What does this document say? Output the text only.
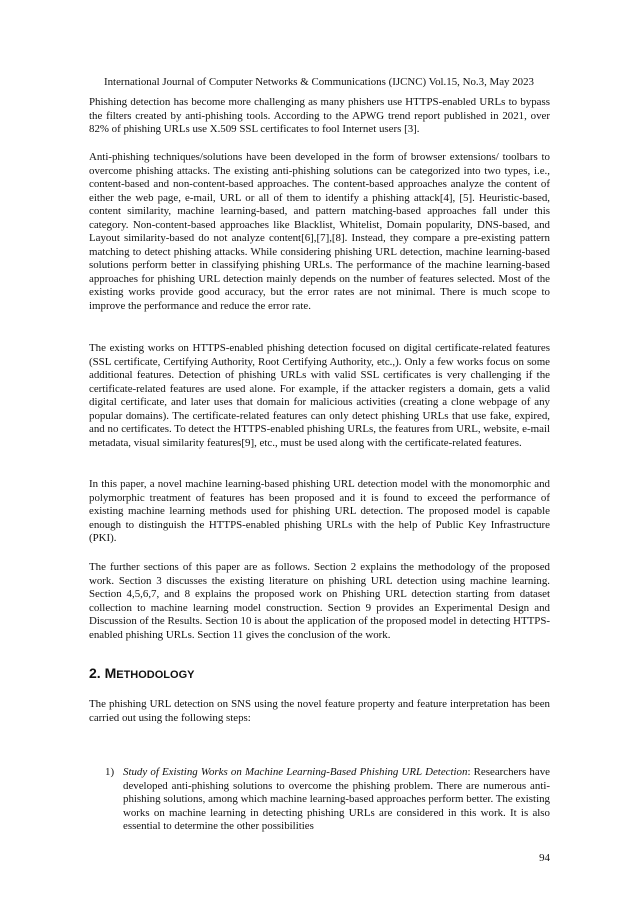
International Journal of Computer Networks & Communications (IJCNC) Vol.15, No.3, May 2023

Phishing detection has become more challenging as many phishers use HTTPS-enabled URLs to bypass the filters created by anti-phishing tools. According to the APWG trend report published in 2021, over 82% of phishing URLs use X.509 SSL certificates to fool Internet users [3].

Anti-phishing techniques/solutions have been developed in the form of browser extensions/ toolbars to overcome phishing attacks. The existing anti-phishing solutions can be categorized into two types, i.e., content-based and non-content-based approaches. The content-based approaches analyze the content of either the web page, e-mail, URL or all of them to identify a phishing attack[4], [5]. Heuristic-based, content similarity, machine learning-based, and pattern matching-based approaches fall under this category. Non-content-based approaches like Blacklist, Whitelist, Domain popularity, DNS-based, and Layout similarity-based do not analyze content[6],[7],[8]. Instead, they compare a pre-existing pattern matching to detect phishing attacks. While considering phishing URL detection, machine learning-based solutions perform better in classifying phishing URLs. The performance of the machine learning-based approaches for phishing URL detection mainly depends on the number of features selected. Most of the existing works provide good accuracy, but the error rates are not minimal. There is much scope to improve the performance and reduce the error rate.

The existing works on HTTPS-enabled phishing detection focused on digital certificate-related features (SSL certificate, Certifying Authority, Root Certifying Authority, etc.,). Only a few works focus on some additional features. Detection of phishing URLs with valid SSL certificates is very challenging if the certificate-related features are used alone. For example, if the attacker registers a domain, gets a valid digital certificate, and later uses that domain for malicious activities (creating a clone webpage of any popular domains). The certificate-related features can only detect phishing URLs that use fake, expired, and no certificates. To detect the HTTPS-enabled phishing URLs, the features from URL, website, e-mail metadata, visual similarity features[9], etc., must be used along with the certificate-related features.

In this paper, a novel machine learning-based phishing URL detection model with the monomorphic and polymorphic treatment of features has been proposed and it is found to exceed the performance of existing machine learning methods used for phishing URL detection. The proposed model is capable enough to distinguish the HTTPS-enabled phishing URLs with the help of Public Key Infrastructure (PKI).

The further sections of this paper are as follows. Section 2 explains the methodology of the proposed work. Section 3 discusses the existing literature on phishing URL detection using machine learning. Section 4,5,6,7, and 8 explains the proposed work on Phishing URL detection starting from dataset collection to machine learning model construction. Section 9 provides an Experimental Design and Discussion of the Results. Section 10 is about the application of the proposed model in detecting HTTPS-enabled phishing URLs. Section 11 gives the conclusion of the work.

2. METHODOLOGY

The phishing URL detection on SNS using the novel feature property and feature interpretation has been carried out using the following steps:

1) Study of Existing Works on Machine Learning-Based Phishing URL Detection: Researchers have developed anti-phishing solutions to overcome the phishing problem. There are numerous anti-phishing solutions, among which machine learning-based approaches perform better. The existing works on machine learning in detecting phishing URLs are considered in this work. It is also essential to determine the other possibilities

94
